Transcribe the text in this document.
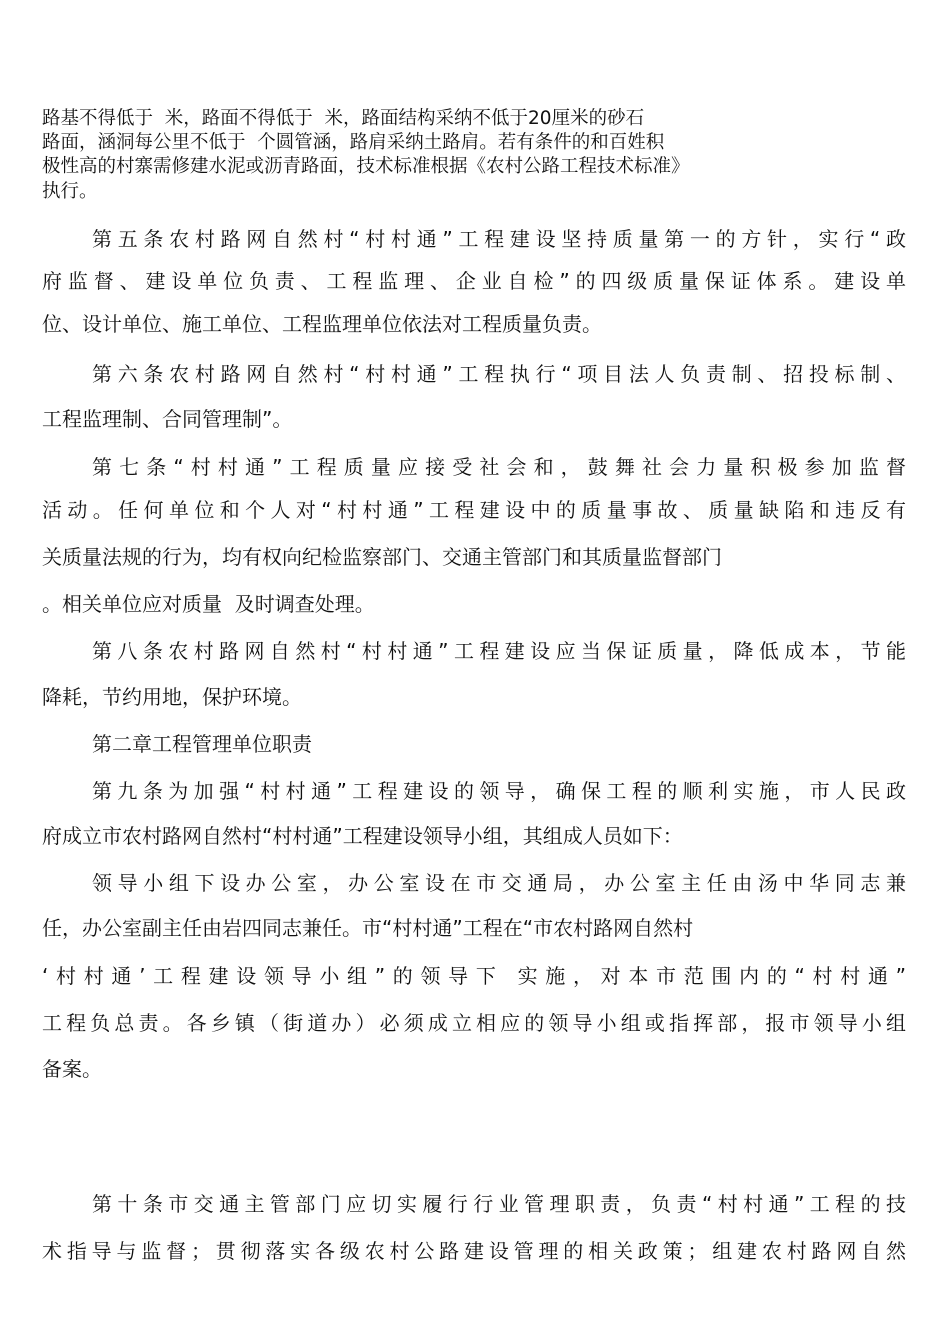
路基不得低于  米，路面不得低于  米，路面结构采纳不低于20厘米的砂石

路面，涵洞每公里不低于  个圆管涵，路肩采纳土路肩。若有条件的和百姓积

极性高的村寨需修建水泥或沥青路面，技术标准根据《农村公路工程技术标准》

执行。

第五条农村路网自然村“村村通”工程建设坚持质量第一的方针，实行“政

府监督、建设单位负责、工程监理、企业自检”的四级质量保证体系。建设单

位、设计单位、施工单位、工程监理单位依法对工程质量负责。

第六条农村路网自然村“村村通”工程执行“项目法人负责制、招投标制、

工程监理制、合同管理制”。

第七条“村村通”工程质量应接受社会和，鼓舞社会力量积极参加监督

活动。任何单位和个人对“村村通”工程建设中的质量事故、质量缺陷和违反有

关质量法规的行为，均有权向纪检监察部门、交通主管部门和其质量监督部门

。相关单位应对质量  及时调查处理。

第八条农村路网自然村“村村通”工程建设应当保证质量，降低成本，节能

降耗，节约用地，保护环境。

第二章工程管理单位职责

第九条为加强“村村通”工程建设的领导，确保工程的顺利实施，市人民政

府成立市农村路网自然村“村村通”工程建设领导小组，其组成人员如下：

领导小组下设办公室，办公室设在市交通局，办公室主任由汤中华同志兼

任，办公室副主任由岩四同志兼任。市“村村通”工程在“市农村路网自然村

‘村村通’工程建设领导小组”的领导下 实施，对本市范围内的“村村通”

工程负总责。各乡镇（街道办）必须成立相应的领导小组或指挥部，报市领导小组

备案。

第十条市交通主管部门应切实履行行业管理职责，负责“村村通”工程的技

术指导与监督；贯彻落实各级农村公路建设管理的相关政策；组建农村路网自然
